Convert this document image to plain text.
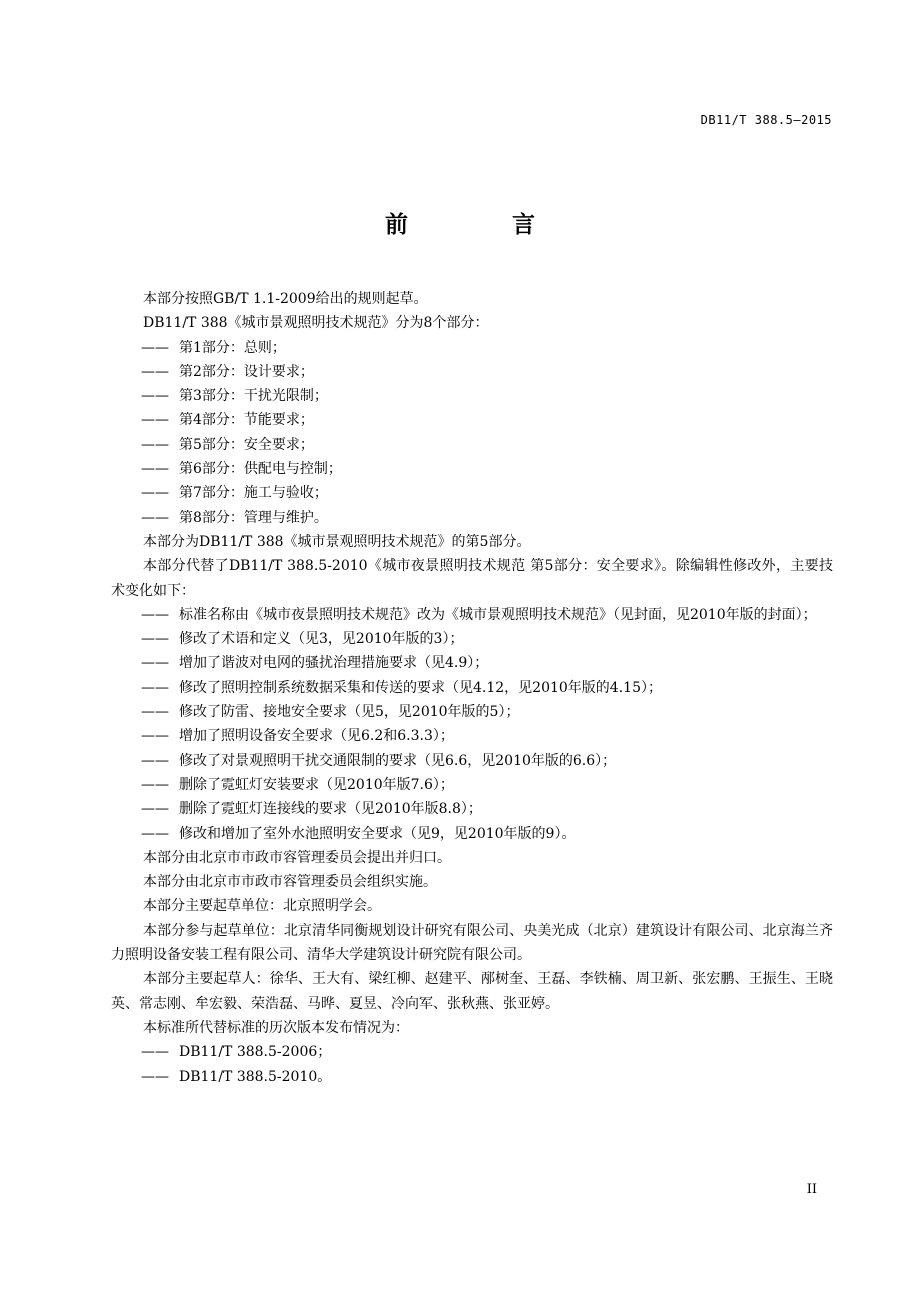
DB11/T 388.5—2015
前 言

本部分按照GB/T 1.1-2009给出的规则起草。

DB11/T 388《城市景观照明技术规范》分为8个部分：

—— 第1部分：总则；

—— 第2部分：设计要求；

—— 第3部分：干扰光限制；

—— 第4部分：节能要求；

—— 第5部分：安全要求；

—— 第6部分：供配电与控制；

—— 第7部分：施工与验收；

—— 第8部分：管理与维护。

本部分为DB11/T 388《城市景观照明技术规范》的第5部分。

本部分代替了DB11/T 388.5-2010《城市夜景照明技术规范 第5部分：安全要求》。除编辑性修改外，主要技术变化如下：

—— 标准名称由《城市夜景照明技术规范》改为《城市景观照明技术规范》（见封面，见2010年版的封面）；

—— 修改了术语和定义（见3，见2010年版的3）；

—— 增加了谐波对电网的骚扰治理措施要求（见4.9）；

—— 修改了照明控制系统数据采集和传送的要求（见4.12，见2010年版的4.15）；

—— 修改了防雷、接地安全要求（见5，见2010年版的5）；

—— 增加了照明设备安全要求（见6.2和6.3.3）；

—— 修改了对景观照明干扰交通限制的要求（见6.6，见2010年版的6.6）；

—— 删除了霓虹灯安装要求（见2010年版7.6）；

—— 删除了霓虹灯连接线的要求（见2010年版8.8）；

—— 修改和增加了室外水池照明安全要求（见9，见2010年版的9）。

本部分由北京市市政市容管理委员会提出并归口。

本部分由北京市市政市容管理委员会组织实施。

本部分主要起草单位：北京照明学会。

本部分参与起草单位：北京清华同衡规划设计研究有限公司、央美光成（北京）建筑设计有限公司、北京海兰齐力照明设备安装工程有限公司、清华大学建筑设计研究院有限公司。

本部分主要起草人：徐华、王大有、梁红柳、赵建平、邴树奎、王磊、李铁楠、周卫新、张宏鹏、王振生、王晓英、常志刚、牟宏毅、荣浩磊、马晔、夏昱、冷向军、张秋燕、张亚婷。

本标准所代替标准的历次版本发布情况为：

—— DB11/T 388.5-2006；

—— DB11/T 388.5-2010。

II
